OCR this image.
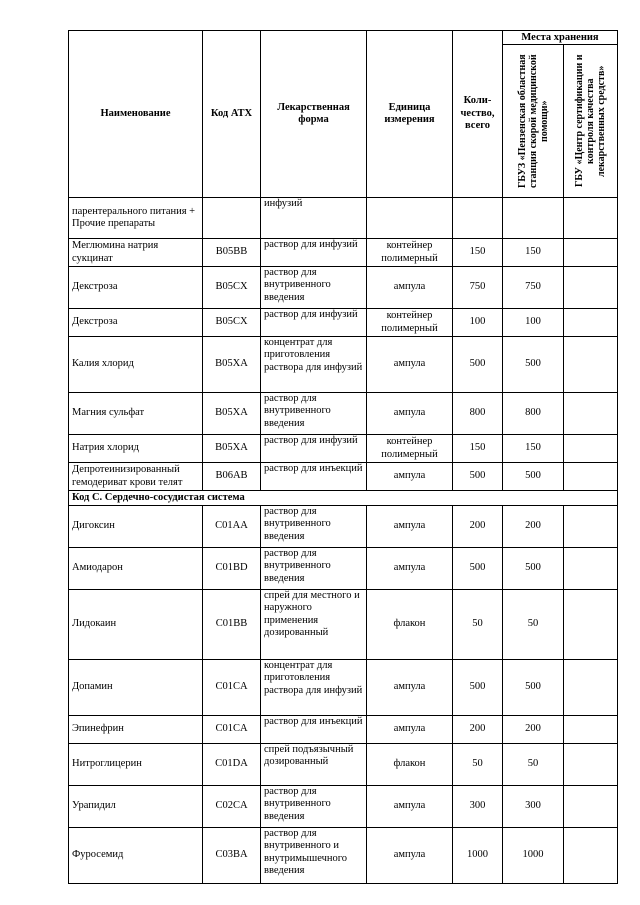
Наименование	Код АТХ	Лекарственная форма	Единица измерения	Коли-чество, всего	Места хранения	

					ГБУЗ «Пензенская областная станция скорой медицинской помощи»	ГБУ «Центр сертификации и контроля качества лекарственных средств»

парентерального питания + Прочие препараты		инфузий				
Меглюмина натрия сукцинат	B05BB	раствор для инфузий	контейнер полимерный	150	150	
Декстроза	B05CX	раствор для внутривенного введения	ампула	750	750	
Декстроза	B05CX	раствор для инфузий	контейнер полимерный	100	100	
Калия хлорид	B05XA	концентрат для приготовления раствора для инфузий	ампула	500	500	
Магния сульфат	B05XA	раствор для внутривенного введения	ампула	800	800	
Натрия хлорид	B05XA	раствор для инфузий	контейнер полимерный	150	150	
Депротеинизированный гемодериват крови телят	B06AB	раствор для инъекций	ампула	500	500	
Код С. Сердечно-сосудистая система						
Дигоксин	C01AA	раствор для внутривенного введения	ампула	200	200	
Амиодарон	C01BD	раствор для внутривенного введения	ампула	500	500	
Лидокаин	C01BB	спрей для местного и наружного применения дозированный	флакон	50	50	
Допамин	C01CA	концентрат для приготовления раствора для инфузий	ампула	500	500	
Эпинефрин	C01CA	раствор для инъекций	ампула	200	200	
Нитроглицерин	C01DA	спрей подъязычный дозированный	флакон	50	50	
Урапидил	C02CA	раствор для внутривенного введения	ампула	300	300	
Фуросемид	C03BA	раствор для внутривенного и внутримышечного введения	ампула	1000	1000	
